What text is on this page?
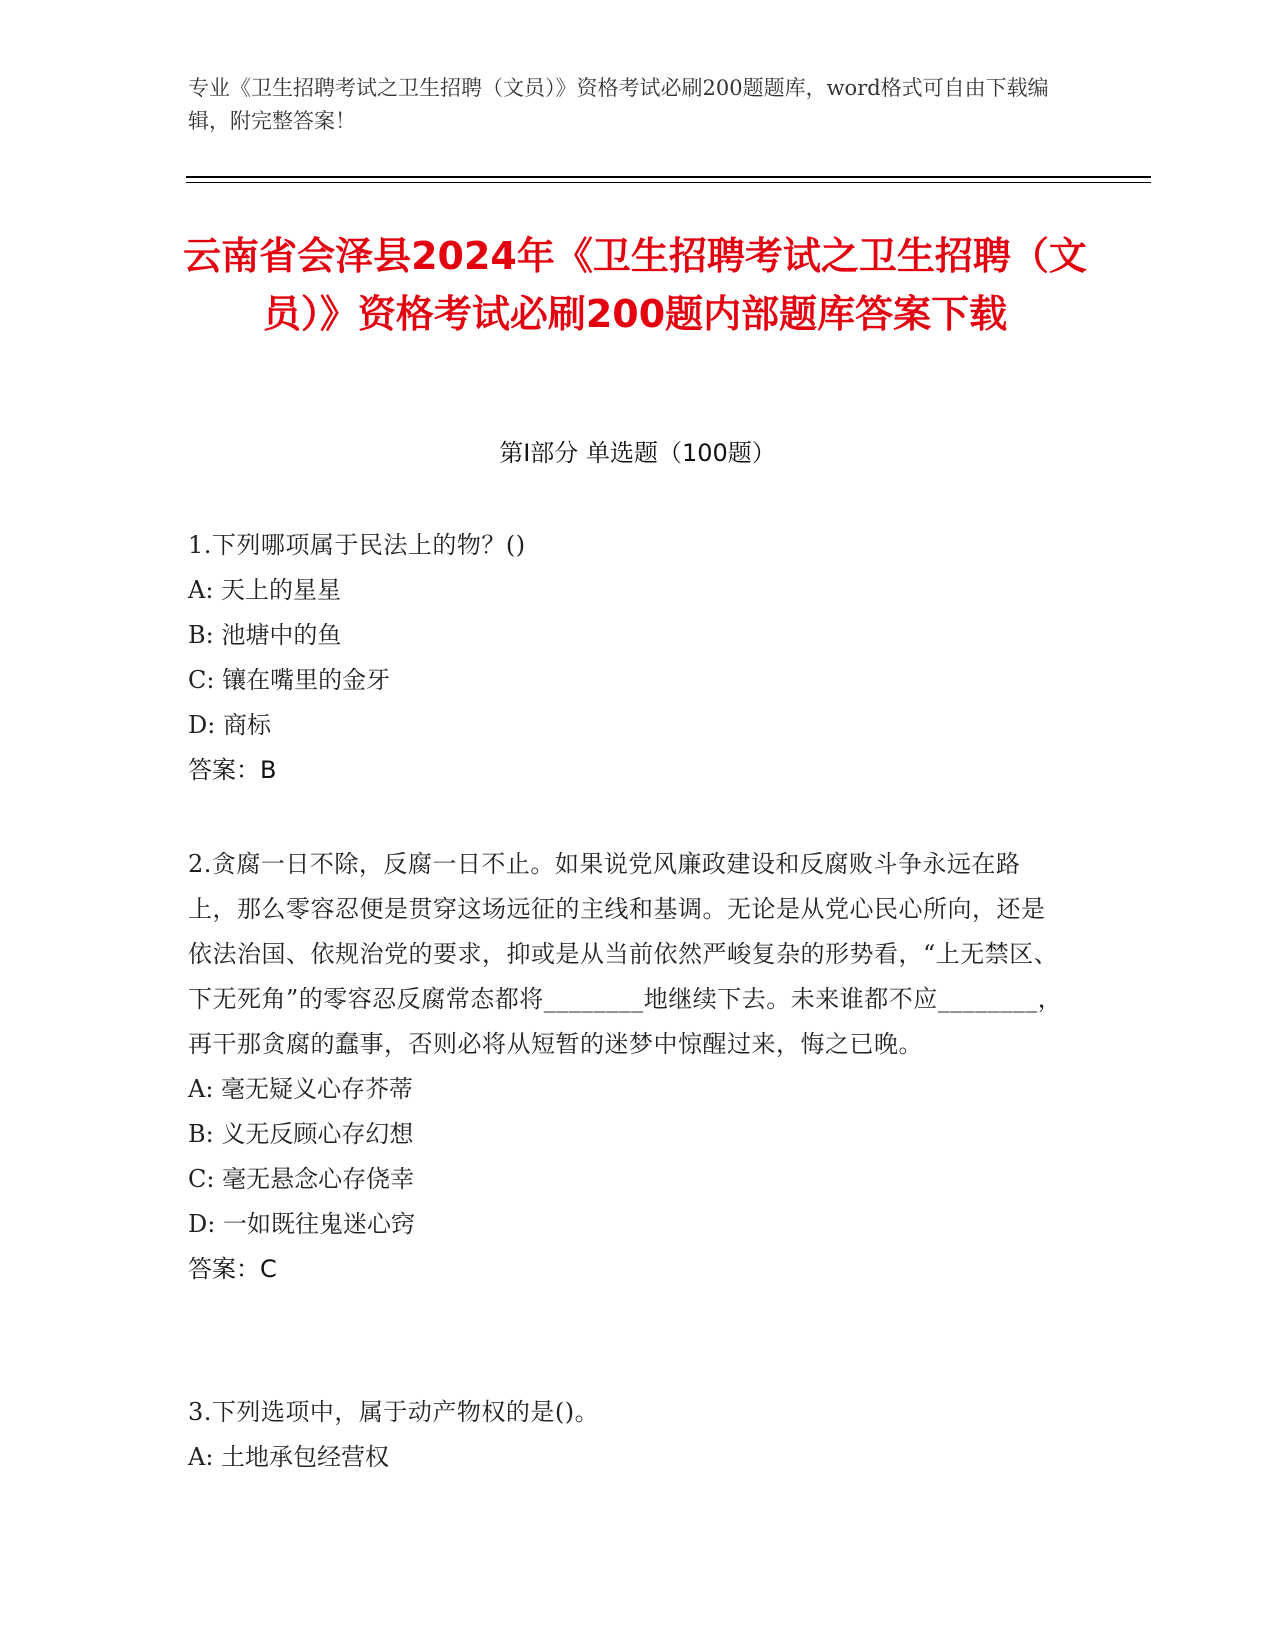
专业《卫生招聘考试之卫生招聘（文员）》资格考试必刷200题题库，word格式可自由下载编辑，附完整答案！
云南省会泽县2024年《卫生招聘考试之卫生招聘（文员）》资格考试必刷200题内部题库答案下载
第I部分 单选题（100题）

1.下列哪项属于民法上的物？()

A: 天上的星星

B: 池塘中的鱼

C: 镶在嘴里的金牙

D: 商标

答案：B

2.贪腐一日不除，反腐一日不止。如果说党风廉政建设和反腐败斗争永远在路上，那么零容忍便是贯穿这场远征的主线和基调。无论是从党心民心所向，还是依法治国、依规治党的要求，抑或是从当前依然严峻复杂的形势看，“上无禁区、下无死角”的零容忍反腐常态都将________地继续下去。未来谁都不应________，再干那贪腐的蠢事，否则必将从短暂的迷梦中惊醒过来，悔之已晚。

A: 毫无疑义心存芥蒂

B: 义无反顾心存幻想

C: 毫无悬念心存侥幸

D: 一如既往鬼迷心窍

答案：C

3.下列选项中，属于动产物权的是()。

A: 土地承包经营权
